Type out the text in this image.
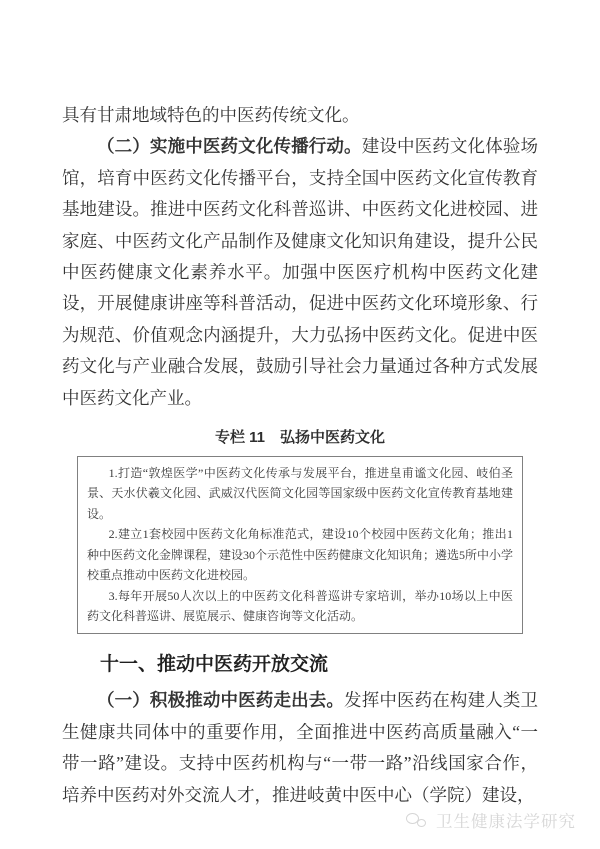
具有甘肃地域特色的中医药传统文化。

（二）实施中医药文化传播行动。建设中医药文化体验场馆，培育中医药文化传播平台，支持全国中医药文化宣传教育基地建设。推进中医药文化科普巡讲、中医药文化进校园、进家庭、中医药文化产品制作及健康文化知识角建设，提升公民中医药健康文化素养水平。加强中医医疗机构中医药文化建设，开展健康讲座等科普活动，促进中医药文化环境形象、行为规范、价值观念内涵提升，大力弘扬中医药文化。促进中医药文化与产业融合发展，鼓励引导社会力量通过各种方式发展中医药文化产业。

专栏 11　弘扬中医药文化

1.打造“敦煌医学”中医药文化传承与发展平台，推进皇甫谧文化园、岐伯圣景、天水伏羲文化园、武威汉代医简文化园等国家级中医药文化宣传教育基地建设。

2.建立1套校园中医药文化角标准范式，建设10个校园中医药文化角；推出1种中医药文化金牌课程，建设30个示范性中医药健康文化知识角；遴选5所中小学校重点推动中医药文化进校园。

3.每年开展50人次以上的中医药文化科普巡讲专家培训，举办10场以上中医药文化科普巡讲、展览展示、健康咨询等文化活动。

十一、推动中医药开放交流

（一）积极推动中医药走出去。发挥中医药在构建人类卫生健康共同体中的重要作用，全面推进中医药高质量融入“一带一路”建设。支持中医药机构与“一带一路”沿线国家合作，培养中医药对外交流人才，推进岐黄中医中心（学院）建设，

卫生健康法学研究
